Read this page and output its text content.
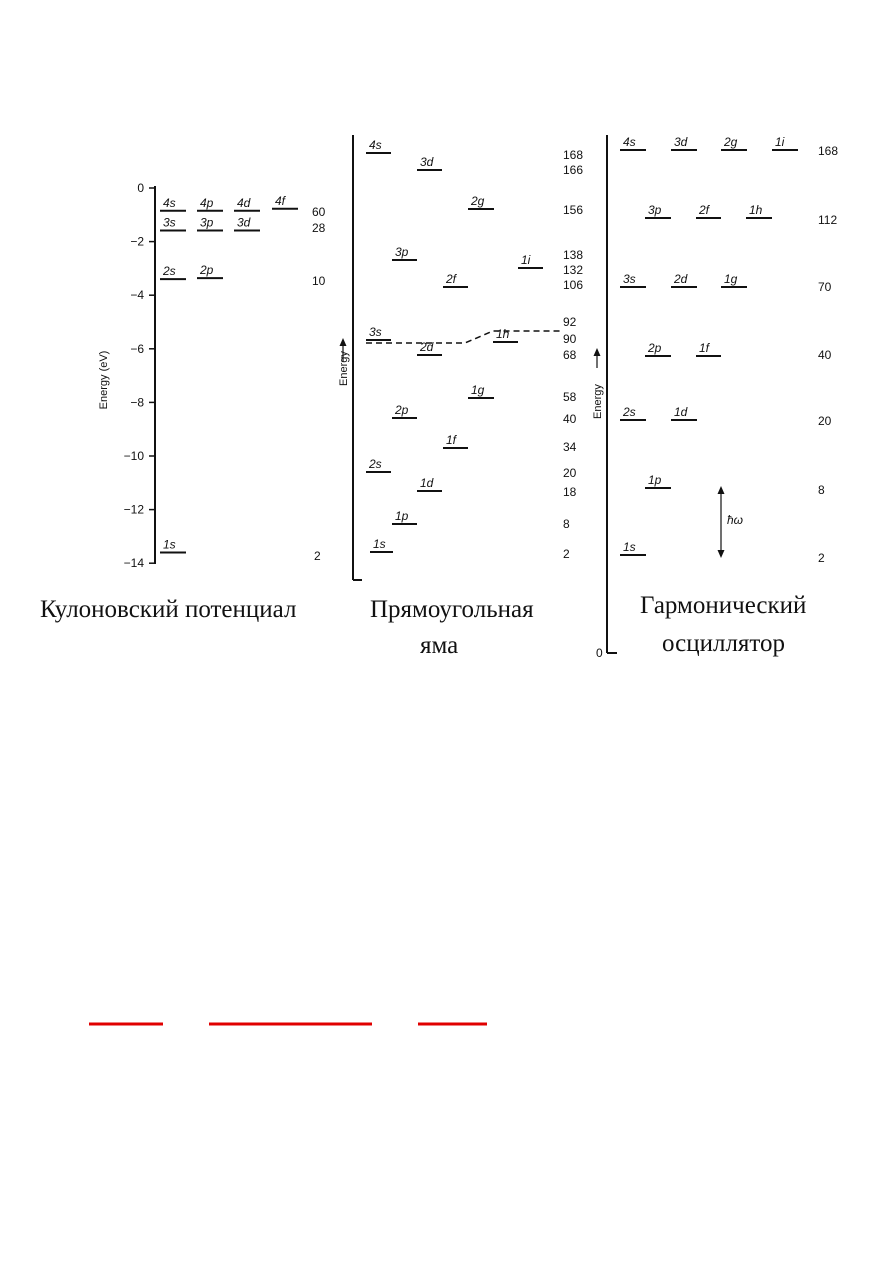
0
−2
−4
−6
−8
−10
−12
−14
Energy (eV)
4s 4p 4d 4f
3s 3p 3d
2s 2p
1s
60
28
10
2
Кулоновский потенциал
Energy
4s
3d
2g
3p
1i
2f
3s	1h
2d
1g
2p
1f
2s
1d
1p
1s
168
166
156
138
132
106
92
90
68
58
40
34
20
18
8
2
Прямоугольная
яма	0
Energy
4s	3d	2g	1i
3p	2f	1h
3s	2d	1g
2p	1f
2s	1d
1p
1s
168
112
70
40
20
8
2
ħω
Гармонический
осциллятор
